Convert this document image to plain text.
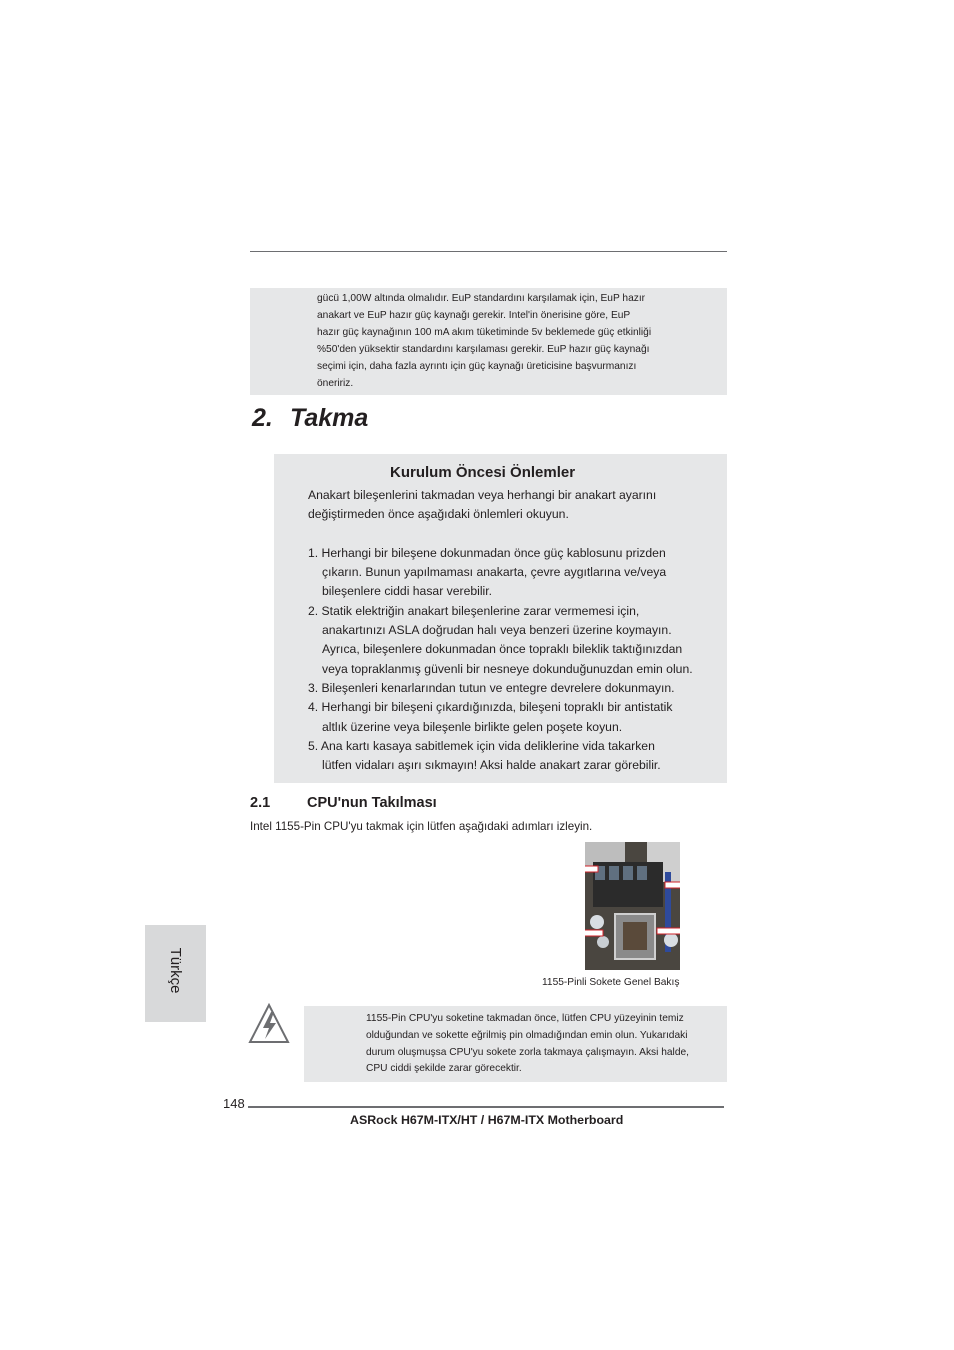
gücü 1,00W altında olmalıdır. EuP standardını karşılamak için, EuP hazır
anakart ve EuP hazır güç kaynağı gerekir. Intel'in önerisine göre, EuP
hazır güç kaynağının 100 mA akım tüketiminde 5v beklemede güç etkinliği
%50'den yüksektir standardını karşılaması gerekir. EuP hazır güç kaynağı
seçimi için, daha fazla ayrıntı için güç kaynağı üreticisine başvurmanızı
öneririz.
2. Takma
Kurulum Öncesi Önlemler
Anakart bileşenlerini takmadan veya herhangi bir anakart ayarını
değiştirmeden önce aşağıdaki önlemleri okuyun.
1. Herhangi bir bileşene dokunmadan önce güç kablosunu prizden
çıkarın. Bunun yapılmaması anakarta, çevre aygıtlarına ve/veya
bileşenlere ciddi hasar verebilir.
2. Statik elektriğin anakart bileşenlerine zarar vermemesi için,
anakartınızı ASLA doğrudan halı veya benzeri üzerine koymayın.
Ayrıca, bileşenlere dokunmadan önce topraklı bileklik taktığınızdan
veya topraklanmış güvenli bir nesneye dokunduğunuzdan emin olun.
3. Bileşenleri kenarlarından tutun ve entegre devrelere dokunmayın.
4. Herhangi bir bileşeni çıkardığınızda, bileşeni topraklı bir antistatik
altlık üzerine veya bileşenle birlikte gelen poşete koyun.
5. Ana kartı kasaya sabitlemek için vida deliklerine vida takarken
lütfen vidaları aşırı sıkmayın! Aksi halde anakart zarar görebilir.
2.1	CPU'nun Takılması
Intel 1155-Pin CPU'yu takmak için lütfen aşağıdaki adımları izleyin.
1155-Pinli Sokete Genel Bakış
Türkçe
1155-Pin CPU'yu soketine takmadan önce, lütfen CPU yüzeyinin temiz
olduğundan ve sokette eğrilmiş pin olmadığından emin olun. Yukarıdaki
durum oluşmuşsa CPU'yu sokete zorla takmaya çalışmayın. Aksi halde,
CPU ciddi şekilde zarar görecektir.
148
ASRock H67M-ITX/HT / H67M-ITX Motherboard
